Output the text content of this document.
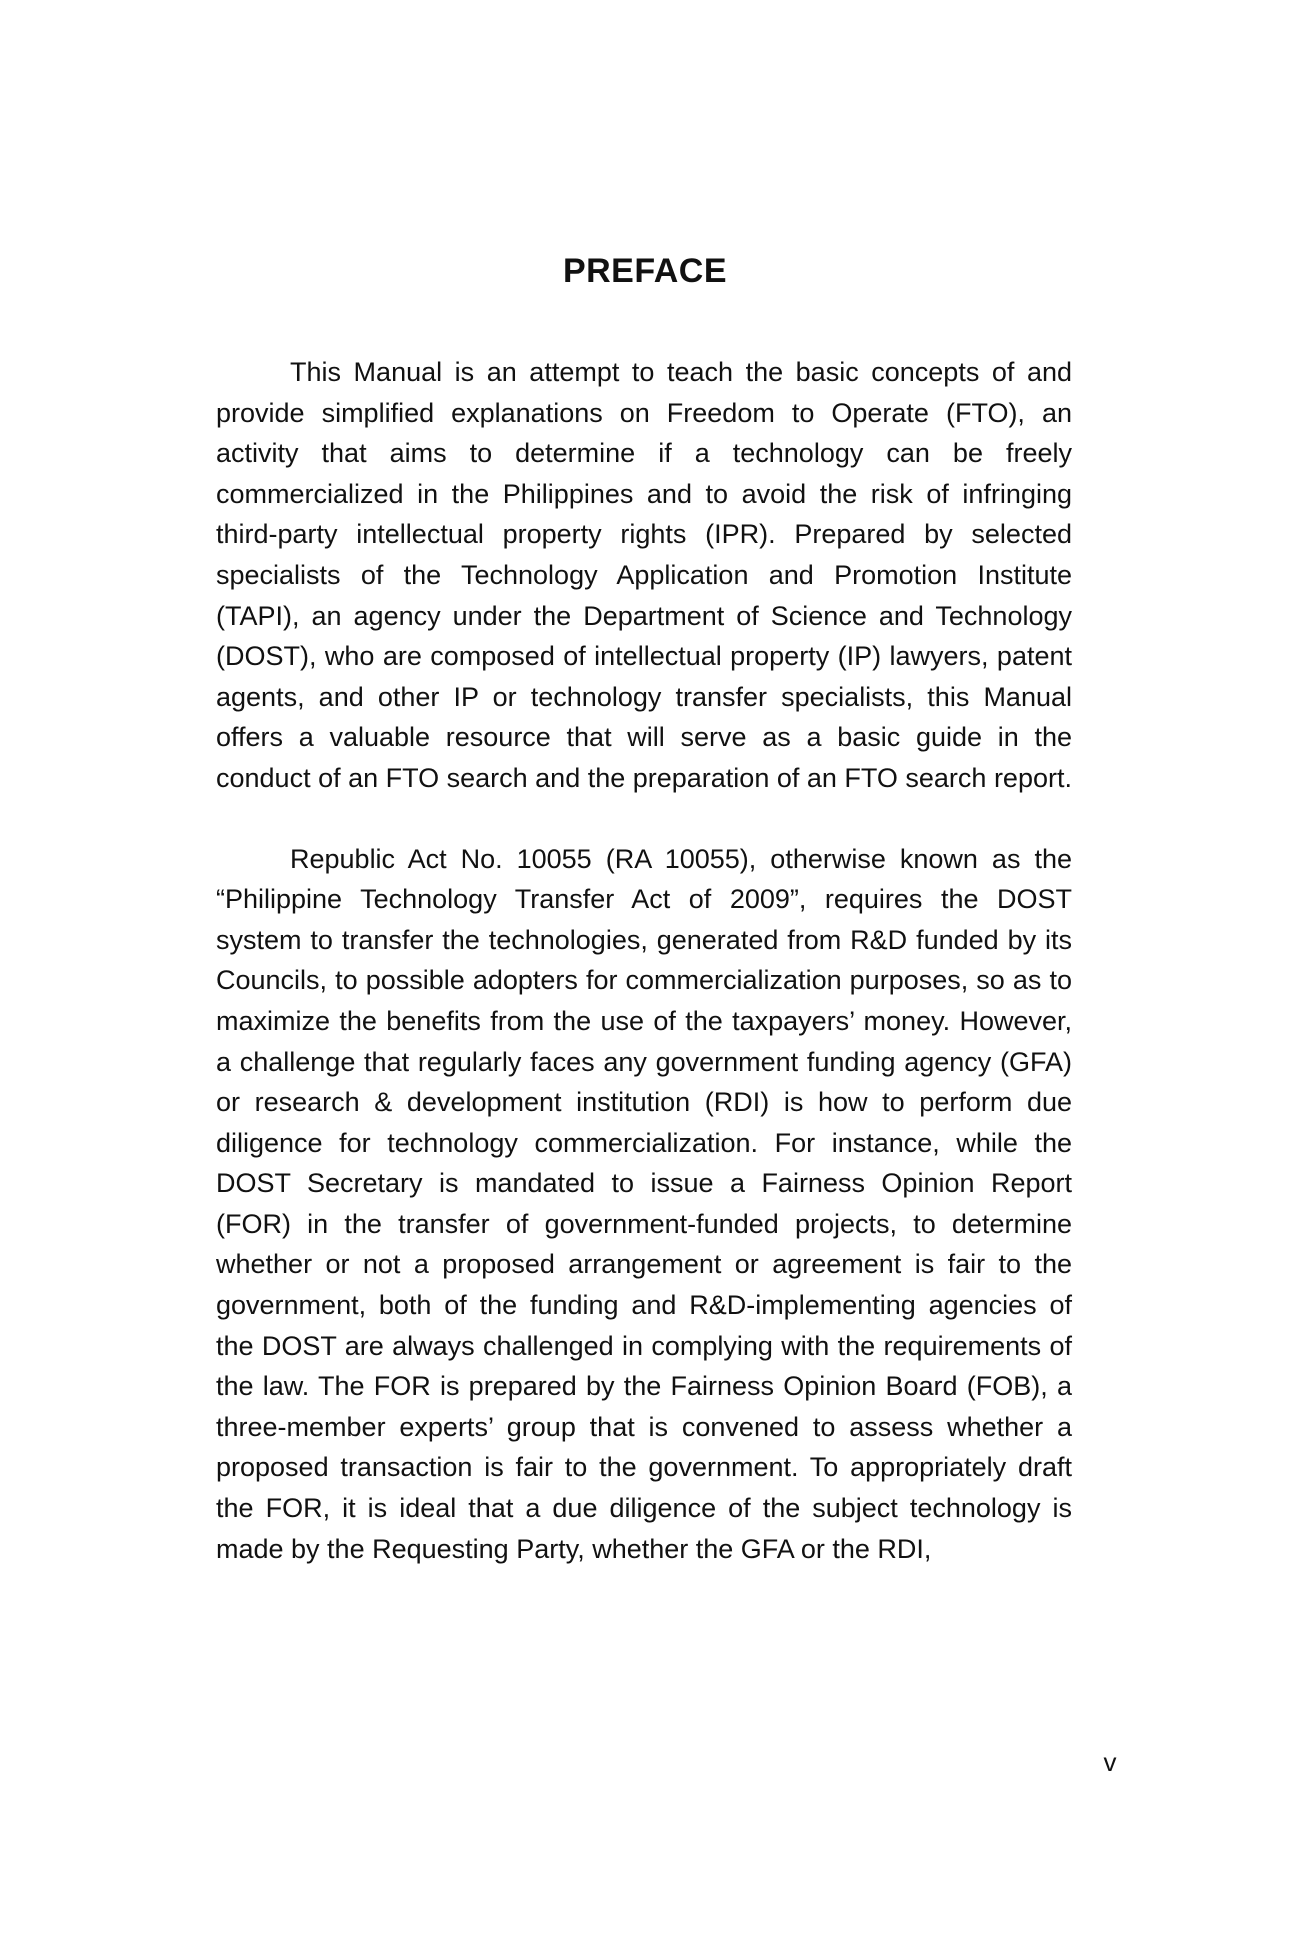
PREFACE

This Manual is an attempt to teach the basic concepts of and provide simplified explanations on Freedom to Operate (FTO), an activity that aims to determine if a technology can be freely commercialized in the Philippines and to avoid the risk of infringing third-party intellectual property rights (IPR). Prepared by selected specialists of the Technology Application and Promotion Institute (TAPI), an agency under the Department of Science and Technology (DOST), who are composed of intellectual property (IP) lawyers, patent agents, and other IP or technology transfer specialists, this Manual offers a valuable resource that will serve as a basic guide in the conduct of an FTO search and the preparation of an FTO search report.

Republic Act No. 10055 (RA 10055), otherwise known as the “Philippine Technology Transfer Act of 2009”, requires the DOST system to transfer the technologies, generated from R&D funded by its Councils, to possible adopters for commercialization purposes, so as to maximize the benefits from the use of the taxpayers’ money. However, a challenge that regularly faces any government funding agency (GFA) or research & development institution (RDI) is how to perform due diligence for technology commercialization. For instance, while the DOST Secretary is mandated to issue a Fairness Opinion Report (FOR) in the transfer of government-funded projects, to determine whether or not a proposed arrangement or agreement is fair to the government, both of the funding and R&D-implementing agencies of the DOST are always challenged in complying with the requirements of the law. The FOR is prepared by the Fairness Opinion Board (FOB), a three-member experts’ group that is convened to assess whether a proposed transaction is fair to the government. To appropriately draft the FOR, it is ideal that a due diligence of the subject technology is made by the Requesting Party, whether the GFA or the RDI,

v
